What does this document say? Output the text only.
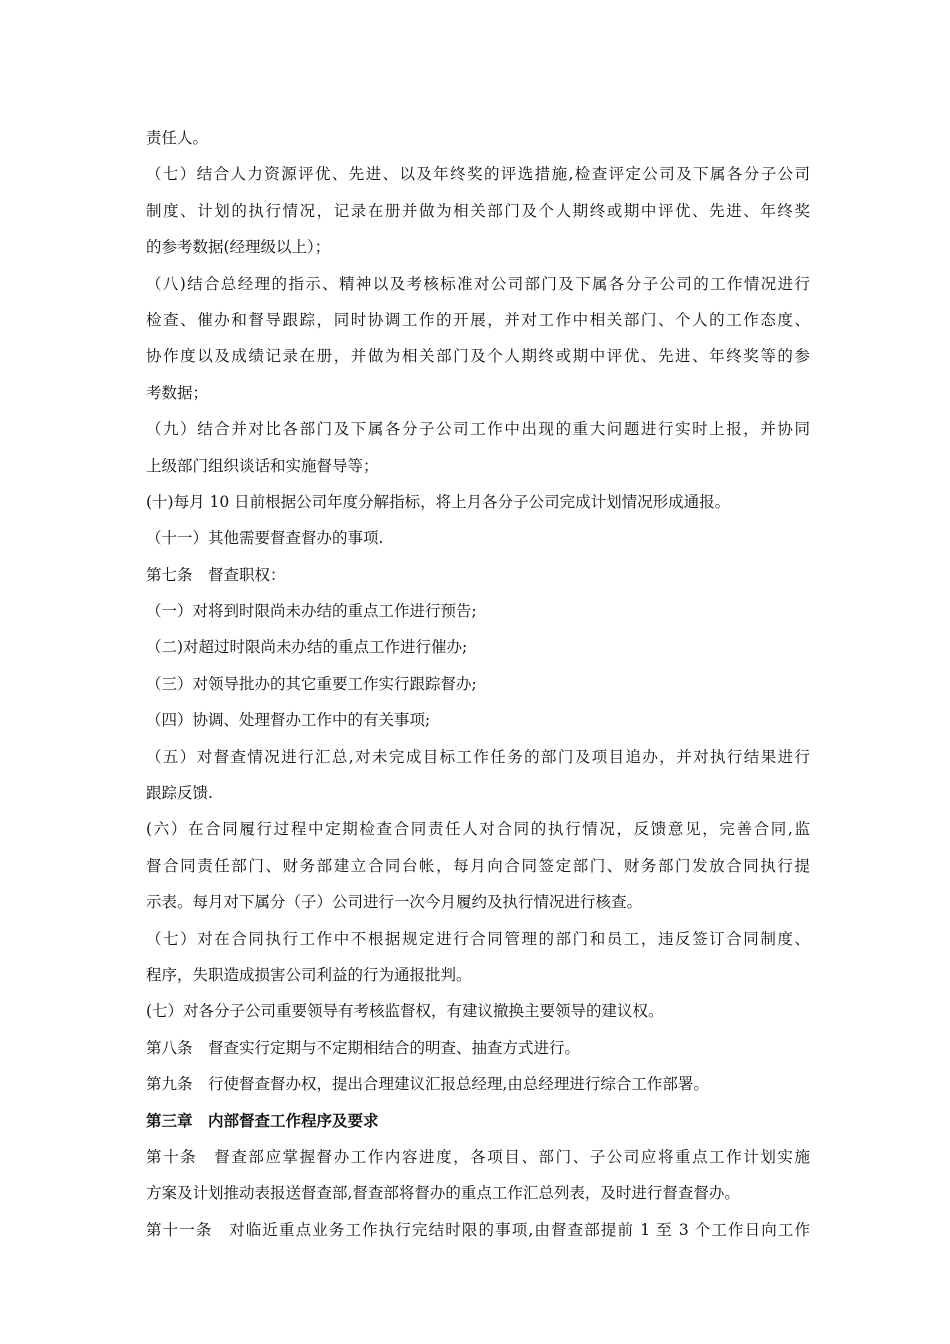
责任人。
（七）结合人力资源评优、先进、以及年终奖的评选措施,检查评定公司及下属各分子公司
制度、计划的执行情况，记录在册并做为相关部门及个人期终或期中评优、先进、年终奖
的参考数据(经理级以上）；
（八)结合总经理的指示、精神以及考核标准对公司部门及下属各分子公司的工作情况进行
检查、催办和督导跟踪，同时协调工作的开展，并对工作中相关部门、个人的工作态度、
协作度以及成绩记录在册，并做为相关部门及个人期终或期中评优、先进、年终奖等的参
考数据；
（九）结合并对比各部门及下属各分子公司工作中出现的重大问题进行实时上报，并协同
上级部门组织谈话和实施督导等；
(十)每月 10 日前根据公司年度分解指标，将上月各分子公司完成计划情况形成通报。
（十一）其他需要督查督办的事项.
第七条　督查职权：
（一）对将到时限尚未办结的重点工作进行预告;
（二)对超过时限尚未办结的重点工作进行催办;
（三）对领导批办的其它重要工作实行跟踪督办;
（四）协调、处理督办工作中的有关事项;
（五）对督查情况进行汇总,对未完成目标工作任务的部门及项目追办，并对执行结果进行
跟踪反馈.
(六）在合同履行过程中定期检查合同责任人对合同的执行情况，反馈意见，完善合同,监
督合同责任部门、财务部建立合同台帐，每月向合同签定部门、财务部门发放合同执行提
示表。每月对下属分（子）公司进行一次今月履约及执行情况进行核查。
（七）对在合同执行工作中不根据规定进行合同管理的部门和员工，违反签订合同制度、
程序，失职造成损害公司利益的行为通报批判。
(七）对各分子公司重要领导有考核监督权，有建议撤换主要领导的建议权。
第八条　督查实行定期与不定期相结合的明查、抽查方式进行。
第九条　行使督查督办权，提出合理建议汇报总经理,由总经理进行综合工作部署。
第三章　内部督查工作程序及要求
第十条　督查部应掌握督办工作内容进度，各项目、部门、子公司应将重点工作计划实施
方案及计划推动表报送督查部,督查部将督办的重点工作汇总列表，及时进行督查督办。
第十一条　对临近重点业务工作执行完结时限的事项,由督查部提前 1 至 3 个工作日向工作
